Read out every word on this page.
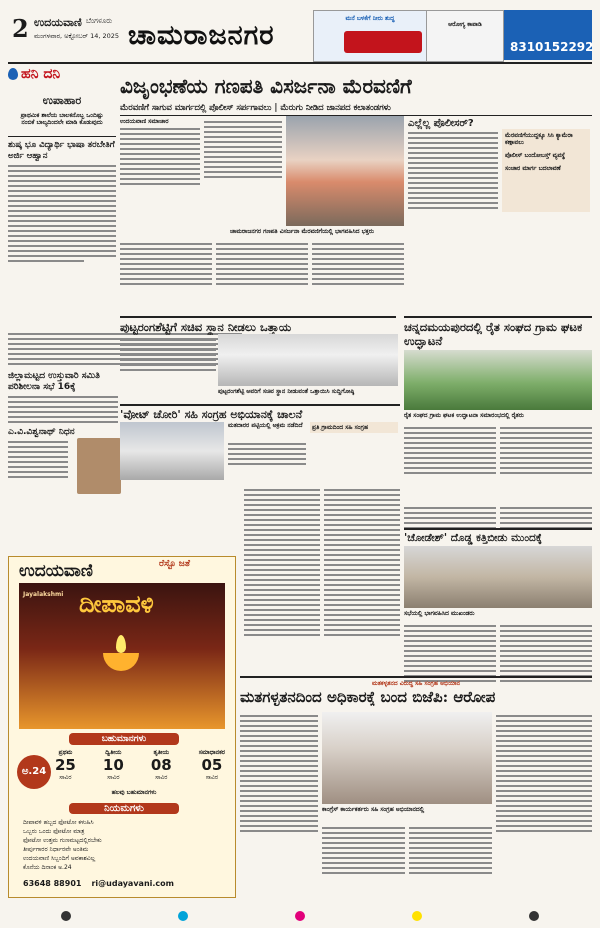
2 ಉದಯವಾಣಿ ಬೆಂಗಳೂರು
ಮಂಗಳವಾರ, ಅಕ್ಟೋಬರ್ 14, 2025 ಚಾಮರಾಜನಗರ
ಮನೆ ಬಳಕೆಗೆ ನೀರು ಶುದ್ಧ
ಆರೋಗ್ಯ ಕಾಪಾಡಿ
8310152292
ಹನಿ ದನಿ
ಉಪಾಹಾರ
ಪ್ರಾಥಮಿಕ ಶಾಲೆಯ ಬಾಲಕನೊಬ್ಬ ಒಂದಿಷ್ಟು ನಂಬಿಕೆ ಬಾಲ್ಯದಿಂದಲೇ ಮಾಡಿ ಕೊಡುವುದು
ಶುಷ್ಕ ಭೂ ವಿದ್ಯಾರ್ಥಿ ಭಾಷಾ ತರಬೇತಿಗೆ ಅರ್ಜಿ ಆಹ್ವಾನ
ಜಿಲ್ಲಾಮಟ್ಟದ ಉಸ್ತುವಾರಿ ಸಮಿತಿ ಪರಿಶೀಲನಾ ಸಭೆ 16ಕ್ಕೆ
ಎ.ವಿ.ವಿಶ್ವನಾಥ್ ನಿಧನ

ವಿಜೃಂಭಣೆಯ ಗಣಪತಿ ವಿಸರ್ಜನಾ ಮೆರವಣಿಗೆ
ಮೆರವಣಿಗೆ ಸಾಗುವ ಮಾರ್ಗದಲ್ಲಿ ಪೊಲೀಸ್ ಸರ್ಪಗಾವಲು | ಮೆರುಗು ನೀಡಿದ ಜಾನಪದ ಕಲಾತಂಡಗಳು
ಉದಯವಾಣಿ ಸಮಾಚಾರ
ಚಾಮರಾಜನಗರ ಗಣಪತಿ ವಿಸರ್ಜನಾ ಮೆರವಣಿಗೆಯಲ್ಲಿ ಭಾಗವಹಿಸಿದ ಭಕ್ತರು
ಎಲ್ಲೆಲ್ಲ ಪೊಲೀಸರ್?
ಮೆರವಣಿಗೆಯುದ್ದಕ್ಕೂ ಸಿಸಿ ಕ್ಯಾಮೆರಾ ಕಣ್ಗಾವಲು
ಪೊಲೀಸ್ ಬಂದೋಬಸ್ತ್ ವ್ಯವಸ್ಥೆ
ಸಂಚಾರ ಮಾರ್ಗ ಬದಲಾವಣೆ
ಪುಟ್ಟರಂಗಶೆಟ್ಟಿಗೆ ಸಚಿವ ಸ್ಥಾನ ನೀಡಲು ಒತ್ತಾಯ
ಪುಟ್ಟರಂಗಶೆಟ್ಟಿ ಅವರಿಗೆ ಸಚಿವ ಸ್ಥಾನ ನೀಡುವಂತೆ ಒತ್ತಾಯಿಸಿ ಸುದ್ದಿಗೋಷ್ಠಿ
ಚನ್ನದಮಯಪುರದಲ್ಲಿ ರೈತ ಸಂಘದ ಗ್ರಾಮ ಘಟಕ ಉದ್ಘಾಟನೆ
ರೈತ ಸಂಘದ ಗ್ರಾಮ ಘಟಕ ಉದ್ಘಾಟನಾ ಸಮಾರಂಭದಲ್ಲಿ ರೈತರು
'ವೋಟ್ ಚೋರಿ' ಸಹಿ ಸಂಗ್ರಹ ಅಭಿಯಾನಕ್ಕೆ ಚಾಲನೆ
ಮತದಾರರ ಪಟ್ಟಿಯಲ್ಲಿ ಅಕ್ರಮ ನಡೆದಿದೆ	ಪ್ರತಿ ಗ್ರಾಮದಿಂದ ಸಹಿ ಸಂಗ್ರಹ
'ಚೋಡೇಶ್' ದೊಡ್ಡ ಕತ್ತಿಬೀಡು ಮುಂದಕ್ಕೆ
ಸಭೆಯಲ್ಲಿ ಭಾಗವಹಿಸಿದ ಮುಖಂಡರು
ಉದಯವಾಣಿ	ರೆಸ್ಟೊ ಜತೆ
ದೀಪಾವಳಿ
Jayalakshmi
ಬಹುಮಾನಗಳು
ಪ್ರಥಮ
25
ಸಾವಿರ
ದ್ವಿತೀಯ
10
ಸಾವಿರ
ತೃತೀಯ
08
ಸಾವಿರ
ಸಮಾಧಾನಕರ
05
ಸಾವಿರ
ಹಲವು ಬಹುಮಾನಗಳು
ಅ.24
ನಿಯಮಗಳು
ದೀಪಾವಳಿ ಹಬ್ಬದ ಫೋಟೋ ಕಳುಹಿಸಿ
ಒಬ್ಬರು ಒಂದು ಫೋಟೋ ಮಾತ್ರ
ಫೋಟೋ ಉತ್ತಮ ಗುಣಮಟ್ಟದಲ್ಲಿರಬೇಕು
ತೀರ್ಪುಗಾರರ ನಿರ್ಧಾರವೇ ಅಂತಿಮ
ಉದಯವಾಣಿ ಸಿಬ್ಬಂದಿಗೆ ಅವಕಾಶವಿಲ್ಲ
ಕೊನೆಯ ದಿನಾಂಕ ಅ.24
63648 88901 ri@udayavani.com
ಮತಕಳ್ಳತನದ ವಿರುದ್ಧ ಸಹಿ ಸಂಗ್ರಹ ಅಭಿಯಾನ
ಮತಗಳ್ಳತನದಿಂದ ಅಧಿಕಾರಕ್ಕೆ ಬಂದ ಬಿಜೆಪಿ: ಆರೋಪ
ಕಾಂಗ್ರೆಸ್ ಕಾರ್ಯಕರ್ತರು ಸಹಿ ಸಂಗ್ರಹ ಅಭಿಯಾನದಲ್ಲಿ
